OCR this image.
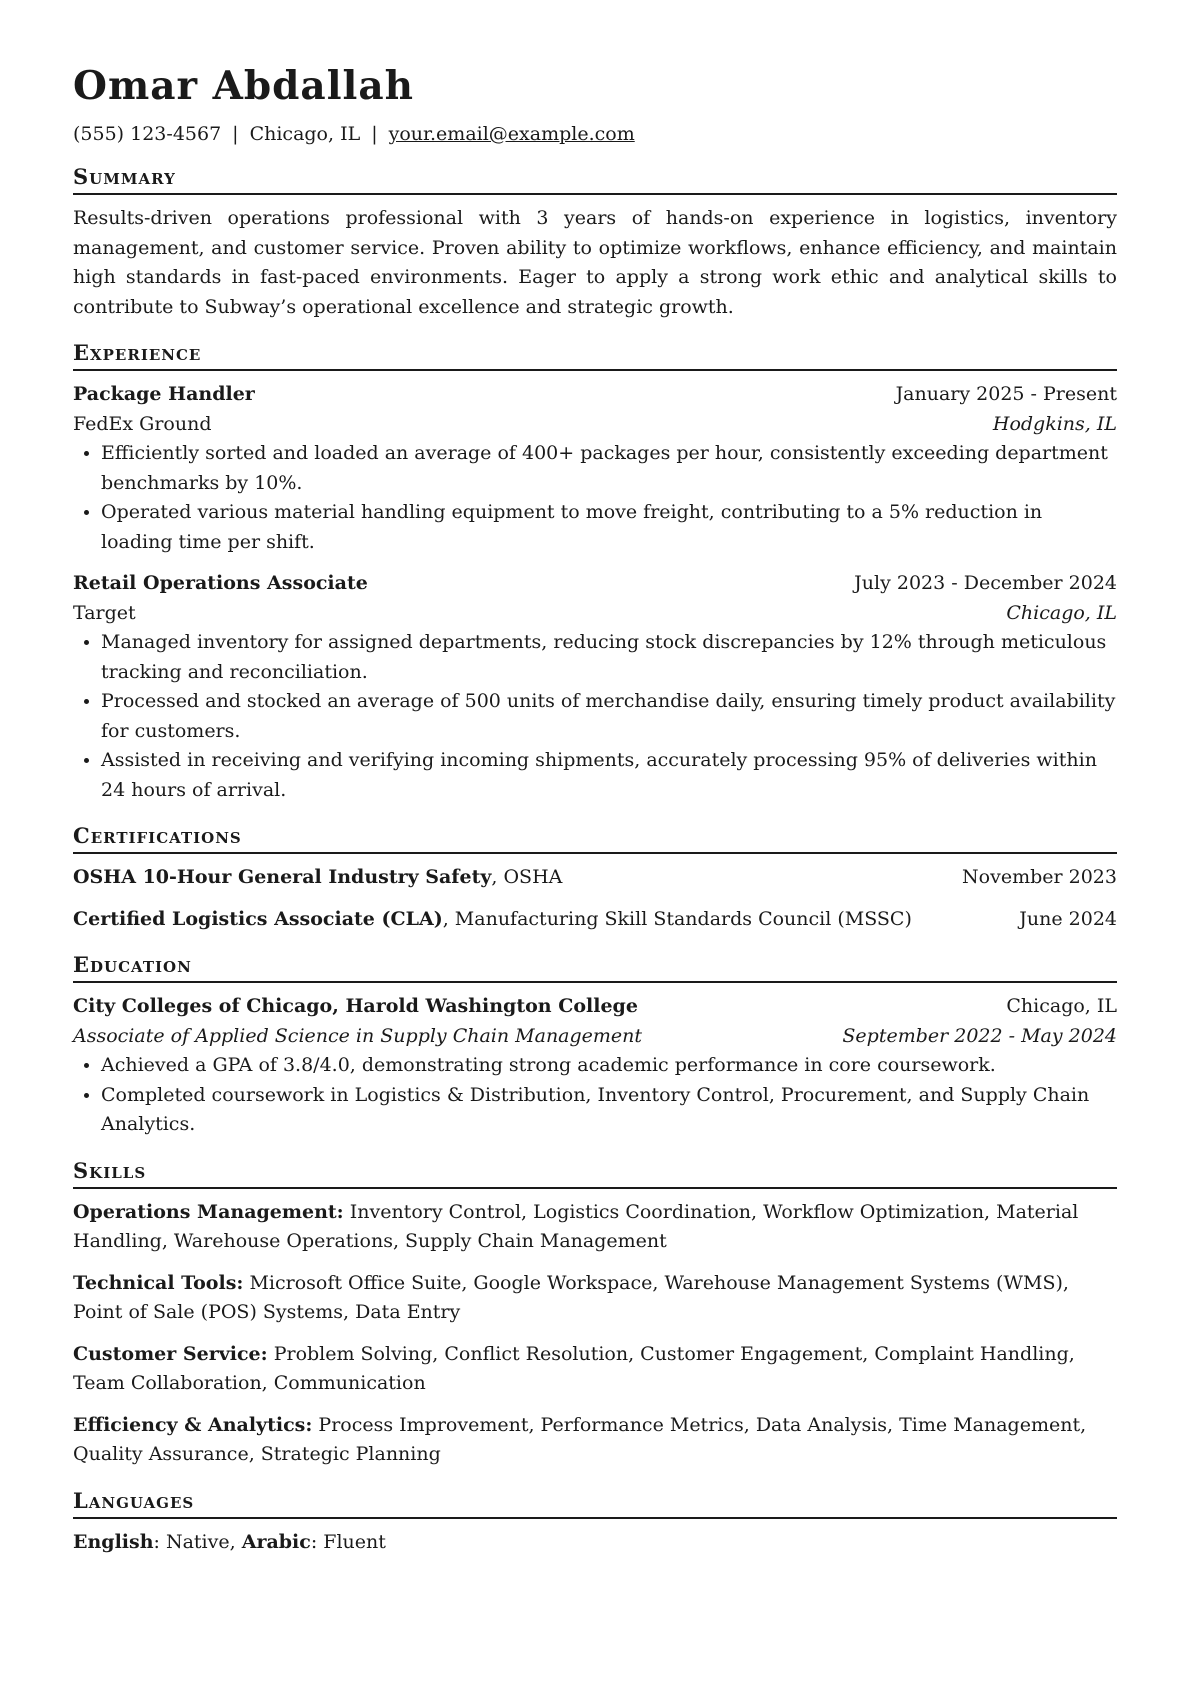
Omar Abdallah
(555) 123-4567 | Chicago, IL | your.email@example.com
Summary

Results-driven operations professional with 3 years of hands-on experience in logistics, inventory management, and customer service. Proven ability to optimize workflows, enhance efficiency, and maintain high standards in fast-paced environments. Eager to apply a strong work ethic and analytical skills to contribute to Subway’s operational excellence and strategic growth.

Experience
Package Handler	January 2025 - Present
FedEx Ground	Hodgkins, IL
• Efficiently sorted and loaded an average of 400+ packages per hour, consistently exceeding department benchmarks by 10%.
• Operated various material handling equipment to move freight, contributing to a 5% reduction in loading time per shift.
Retail Operations Associate	July 2023 - December 2024
Target	Chicago, IL
• Managed inventory for assigned departments, reducing stock discrepancies by 12% through meticulous tracking and reconciliation.
• Processed and stocked an average of 500 units of merchandise daily, ensuring timely product availability for customers.
• Assisted in receiving and verifying incoming shipments, accurately processing 95% of deliveries within 24 hours of arrival.
Certifications
OSHA 10-Hour General Industry Safety, OSHA	November 2023
Certified Logistics Associate (CLA), Manufacturing Skill Standards Council (MSSC)	June 2024
Education
City Colleges of Chicago, Harold Washington College	Chicago, IL
Associate of Applied Science in Supply Chain Management	September 2022 - May 2024
• Achieved a GPA of 3.8/4.0, demonstrating strong academic performance in core coursework.
• Completed coursework in Logistics & Distribution, Inventory Control, Procurement, and Supply Chain Analytics.
Skills

Operations Management: Inventory Control, Logistics Coordination, Workflow Optimization, Material Handling, Warehouse Operations, Supply Chain Management

Technical Tools: Microsoft Office Suite, Google Workspace, Warehouse Management Systems (WMS), Point of Sale (POS) Systems, Data Entry

Customer Service: Problem Solving, Conflict Resolution, Customer Engagement, Complaint Handling, Team Collaboration, Communication

Efficiency & Analytics: Process Improvement, Performance Metrics, Data Analysis, Time Management, Quality Assurance, Strategic Planning

Languages
English: Native, Arabic: Fluent
